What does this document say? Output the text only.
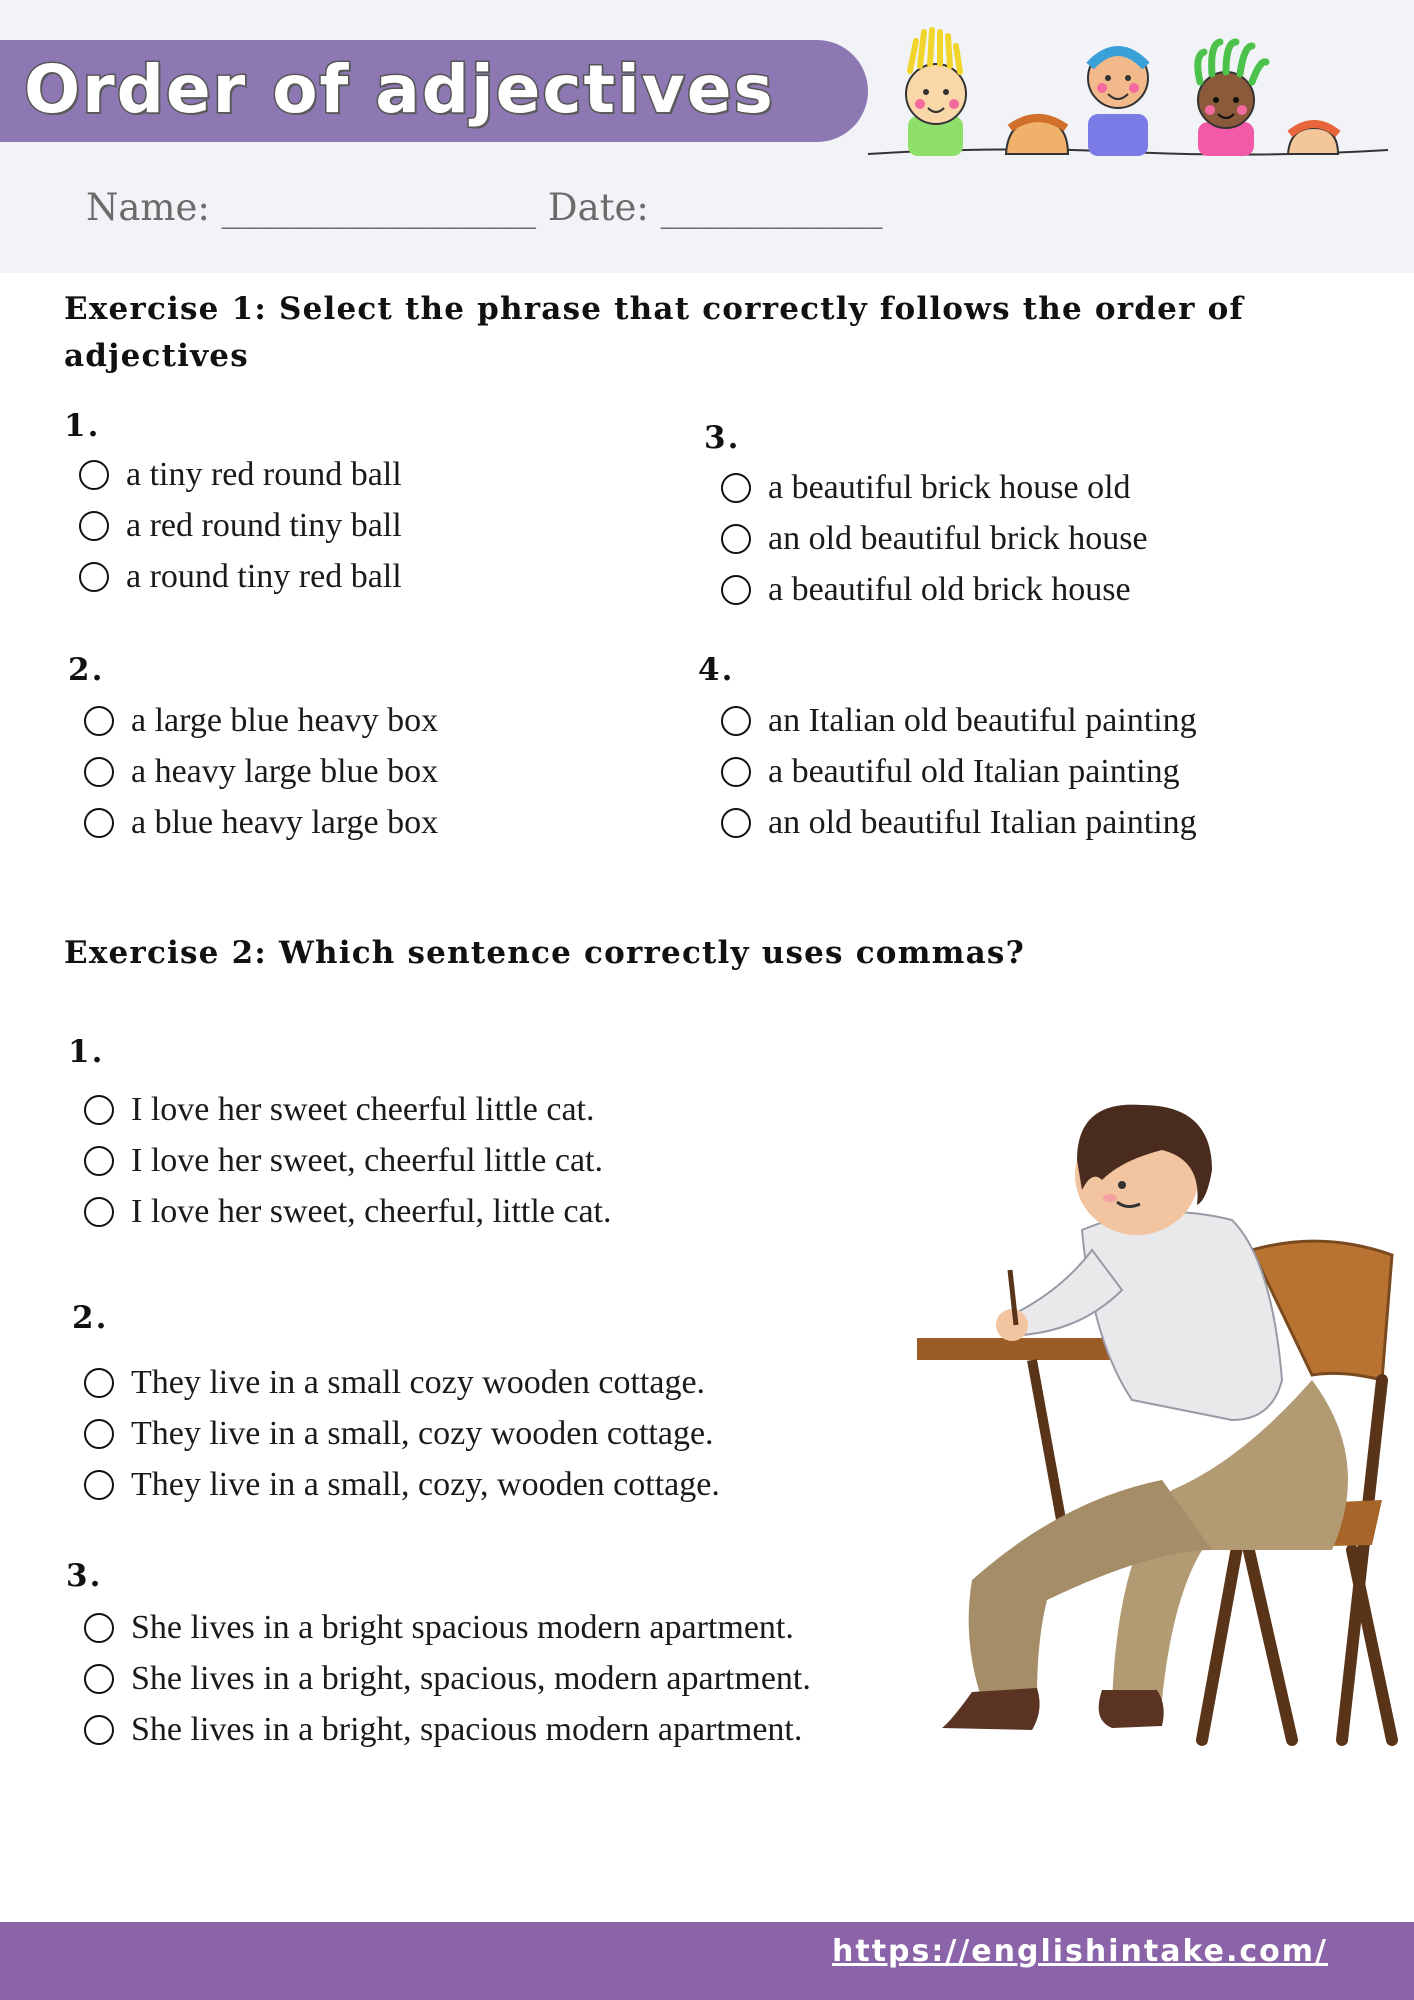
Order of adjectives
Name: _________________ Date: ____________
Exercise 1: Select the phrase that correctly follows the order of
adjectives
1.
a tiny red round ball
a red round tiny ball
a round tiny red ball
2.
a large blue heavy box
a heavy large blue box
a blue heavy large box
3.
a beautiful brick house old
an old beautiful brick house
a beautiful old brick house
4.
an Italian old beautiful painting
a beautiful old Italian painting
an old beautiful Italian painting
Exercise 2: Which sentence correctly uses commas?
1.
I love her sweet cheerful little cat.
I love her sweet, cheerful little cat.
I love her sweet, cheerful, little cat.
2.
They live in a small cozy wooden cottage.
They live in a small, cozy wooden cottage.
They live in a small, cozy, wooden cottage.
3.
She lives in a bright spacious modern apartment.
She lives in a bright, spacious, modern apartment.
She lives in a bright, spacious modern apartment.
https://englishintake.com/
